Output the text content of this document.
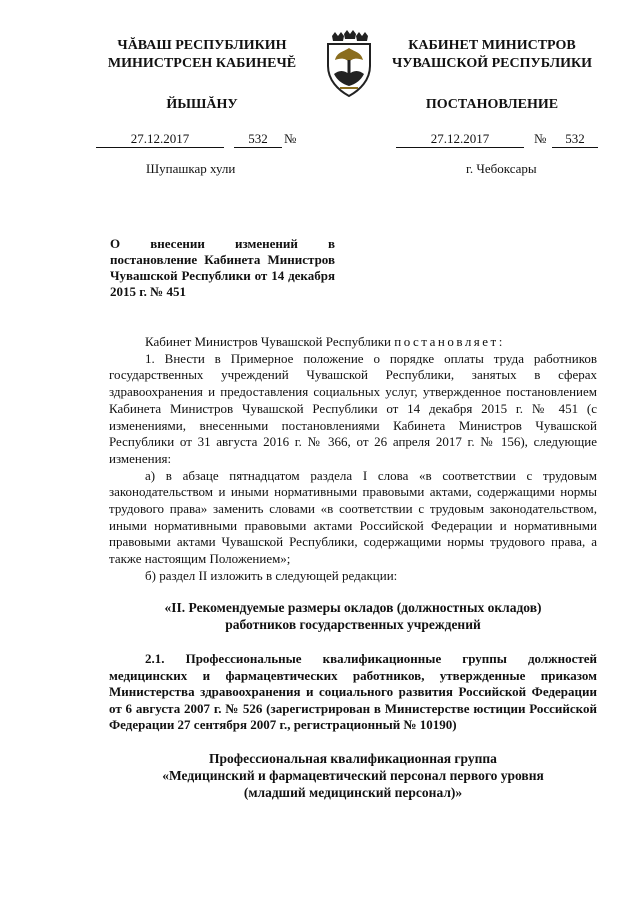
ЧĂВАШ РЕСПУБЛИКИН
МИНИСТРСЕН КАБИНЕЧĔ
ЙЫШĂНУ
КАБИНЕТ МИНИСТРОВ
ЧУВАШСКОЙ РЕСПУБЛИКИ
ПОСТАНОВЛЕНИЕ
27.12.2017	532	№	27.12.2017	№	532
Шупашкар хули	г. Чебоксары
О внесении изменений в постановление Кабинета Министров Чувашской Республики от 14 декабря 2015 г. № 451

Кабинет Министров Чувашской Республики постановляет:

1. Внести в Примерное положение о порядке оплаты труда работников государственных учреждений Чувашской Республики, занятых в сферах здравоохранения и предоставления социальных услуг, утвержденное постановлением Кабинета Министров Чувашской Республики от 14 декабря 2015 г. № 451 (с изменениями, внесенными постановлениями Кабинета Министров Чувашской Республики от 31 августа 2016 г. № 366, от 26 апреля 2017 г. № 156), следующие изменения:

а) в абзаце пятнадцатом раздела I слова «в соответствии с трудовым законодательством и иными нормативными правовыми актами, содержащими нормы трудового права» заменить словами «в соответствии с трудовым законодательством, иными нормативными правовыми актами Российской Федерации и нормативными правовыми актами Чувашской Республики, содержащими нормы трудового права, а также настоящим Положением»;

б) раздел II изложить в следующей редакции:

«II. Рекомендуемые размеры окладов (должностных окладов)
работников государственных учреждений
2.1. Профессиональные квалификационные группы должностей медицинских и фармацевтических работников, утвержденные приказом Министерства здравоохранения и социального развития Российской Федерации от 6 августа 2007 г. № 526 (зарегистрирован в Министерстве юстиции Российской Федерации 27 сентября 2007 г., регистрационный № 10190)
Профессиональная квалификационная группа
«Медицинский и фармацевтический персонал первого уровня
(младший медицинский персонал)»
